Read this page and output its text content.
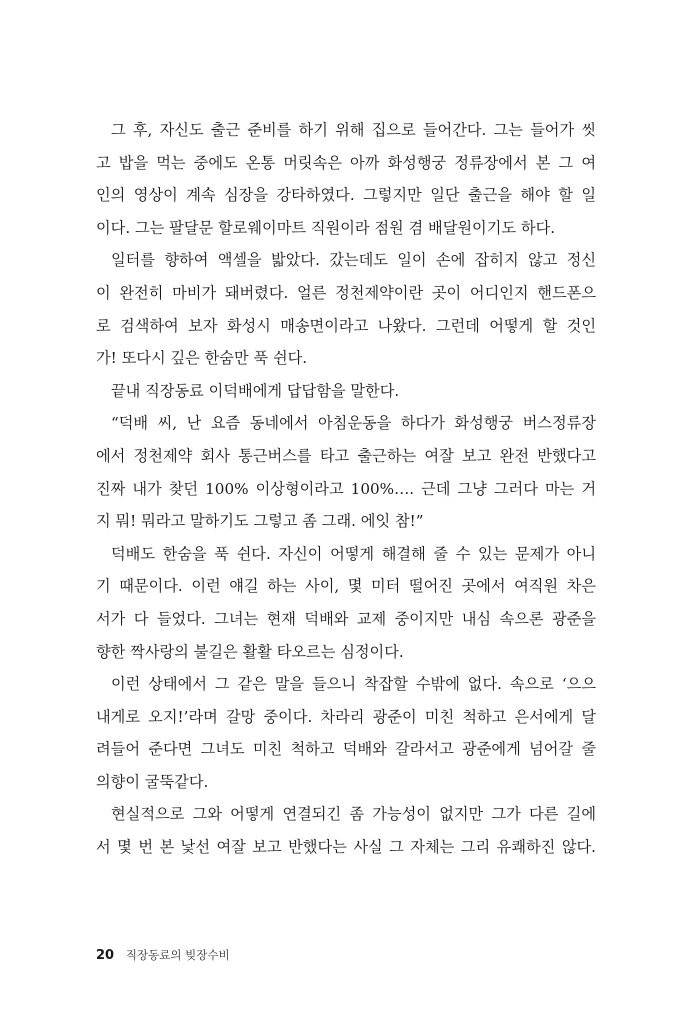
그 후, 자신도 출근 준비를 하기 위해 집으로 들어간다. 그는 들어가 씻
고 밥을 먹는 중에도 온통 머릿속은 아까 화성행궁 정류장에서 본 그 여
인의 영상이 계속 심장을 강타하였다. 그렇지만 일단 출근을 해야 할 일
이다. 그는 팔달문 할로웨이마트 직원이라 점원 겸 배달원이기도 하다.
일터를 향하여 액셀을 밟았다. 갔는데도 일이 손에 잡히지 않고 정신
이 완전히 마비가 돼버렸다. 얼른 정천제약이란 곳이 어디인지 핸드폰으
로 검색하여 보자 화성시 매송면이라고 나왔다. 그런데 어떻게 할 것인
가! 또다시 깊은 한숨만 푹 쉰다.
끝내 직장동료 이덕배에게 답답함을 말한다.
“덕배 씨, 난 요즘 동네에서 아침운동을 하다가 화성행궁 버스정류장
에서 정천제약 회사 통근버스를 타고 출근하는 여잘 보고 완전 반했다고
진짜 내가 찾던 100% 이상형이라고 100%…. 근데 그냥 그러다 마는 거
지 뭐! 뭐라고 말하기도 그렇고 좀 그래. 에잇 참!”
덕배도 한숨을 푹 쉰다. 자신이 어떻게 해결해 줄 수 있는 문제가 아니
기 때문이다. 이런 얘길 하는 사이, 몇 미터 떨어진 곳에서 여직원 차은
서가 다 들었다. 그녀는 현재 덕배와 교제 중이지만 내심 속으론 광준을
향한 짝사랑의 불길은 활활 타오르는 심정이다.
이런 상태에서 그 같은 말을 들으니 착잡할 수밖에 없다. 속으로 ‘으으
내게로 오지!’라며 갈망 중이다. 차라리 광준이 미친 척하고 은서에게 달
려들어 준다면 그녀도 미친 척하고 덕배와 갈라서고 광준에게 넘어갈 줄
의향이 굴뚝같다.
현실적으로 그와 어떻게 연결되긴 좀 가능성이 없지만 그가 다른 길에
서 몇 번 본 낯선 여잘 보고 반했다는 사실 그 자체는 그리 유쾌하진 않다.
20 직장동료의 빚장수비
